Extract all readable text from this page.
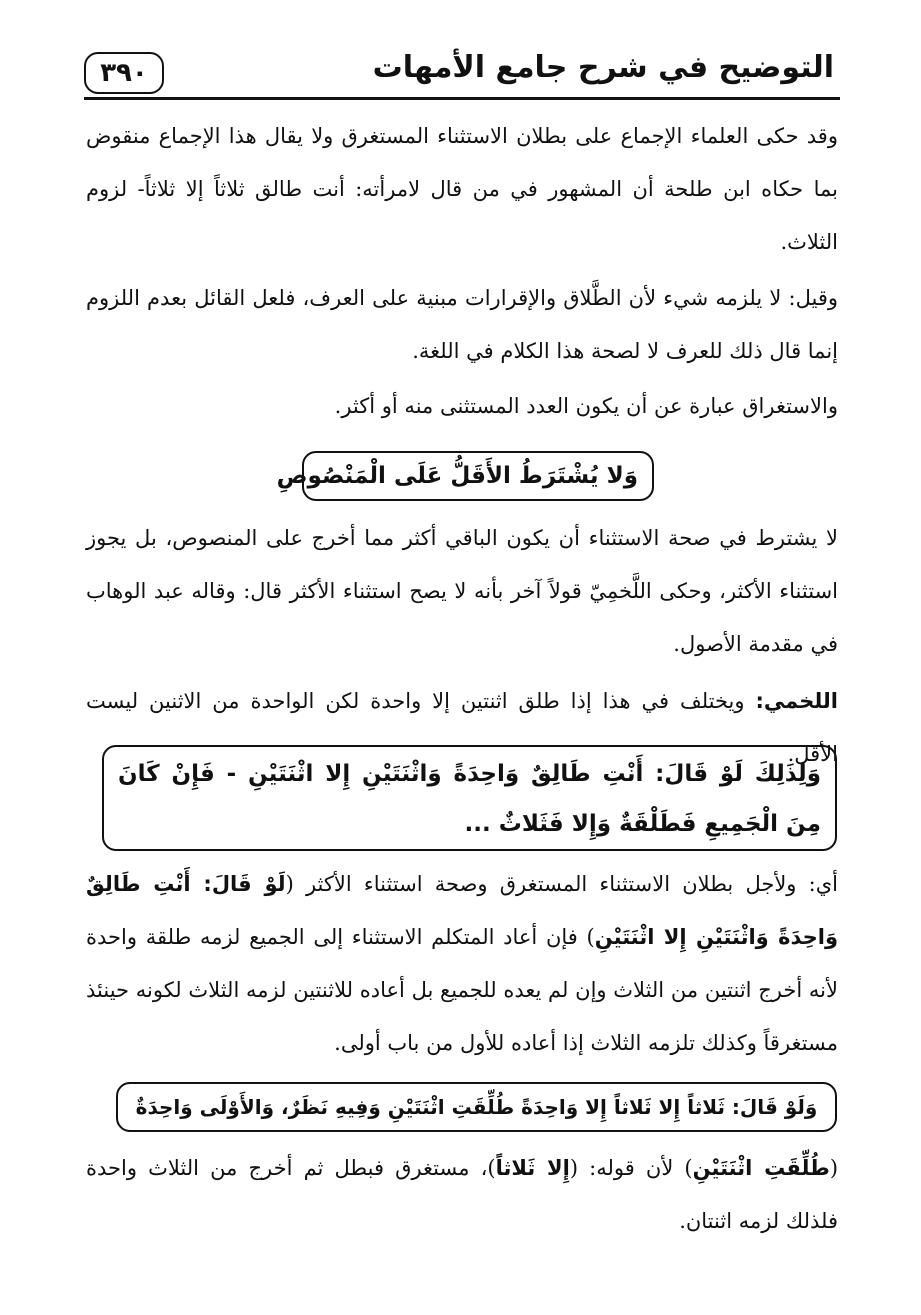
التوضيح في شرح جامع الأمهات
٣٩٠

وقد حكى العلماء الإجماع على بطلان الاستثناء المستغرق ولا يقال هذا الإجماع منقوض بما حكاه ابن طلحة أن المشهور في من قال لامرأته: أنت طالق ثلاثاً إلا ثلاثاً- لزوم الثلاث.

وقيل: لا يلزمه شيء لأن الطَّلاق والإقرارات مبنية على العرف، فلعل القائل بعدم اللزوم إنما قال ذلك للعرف لا لصحة هذا الكلام في اللغة.

والاستغراق عبارة عن أن يكون العدد المستثنى منه أو أكثر.

وَلا يُشْتَرَطُ الأَقَلُّ عَلَى الْمَنْصُوصِ

لا يشترط في صحة الاستثناء أن يكون الباقي أكثر مما أخرج على المنصوص، بل يجوز استثناء الأكثر، وحكى اللَّخمِيّ قولاً آخر بأنه لا يصح استثناء الأكثر قال: وقاله عبد الوهاب في مقدمة الأصول.

اللخمي: ويختلف في هذا إذا طلق اثنتين إلا واحدة لكن الواحدة من الاثنين ليست الأقل.

وَلِذَلِكَ لَوْ قَالَ: أَنْتِ طَالِقٌ وَاحِدَةً وَاثْنَتَيْنِ إِلا اثْنَتَيْنِ - فَإِنْ كَانَ مِنَ الْجَمِيعِ فَطَلْقَةٌ وَإِلا فَثَلاثٌ ...

أي: ولأجل بطلان الاستثناء المستغرق وصحة استثناء الأكثر (لَوْ قَالَ: أَنْتِ طَالِقٌ وَاحِدَةً وَاثْنَتَيْنِ إِلا اثْنَتَيْنِ) فإن أعاد المتكلم الاستثناء إلى الجميع لزمه طلقة واحدة لأنه أخرج اثنتين من الثلاث وإن لم يعده للجميع بل أعاده للاثنتين لزمه الثلاث لكونه حينئذ مستغرقاً وكذلك تلزمه الثلاث إذا أعاده للأول من باب أولى.

وَلَوْ قَالَ: ثَلاثاً إِلا ثَلاثاً إِلا وَاحِدَةً طُلِّقَتِ اثْنَتَيْنِ وَفِيهِ نَظَرٌ، وَالأَوْلَى وَاحِدَةٌ

(طُلِّقَتِ اثْنَتَيْنِ) لأن قوله: (إِلا ثَلاثاً)، مستغرق فبطل ثم أخرج من الثلاث واحدة فلذلك لزمه اثنتان.
